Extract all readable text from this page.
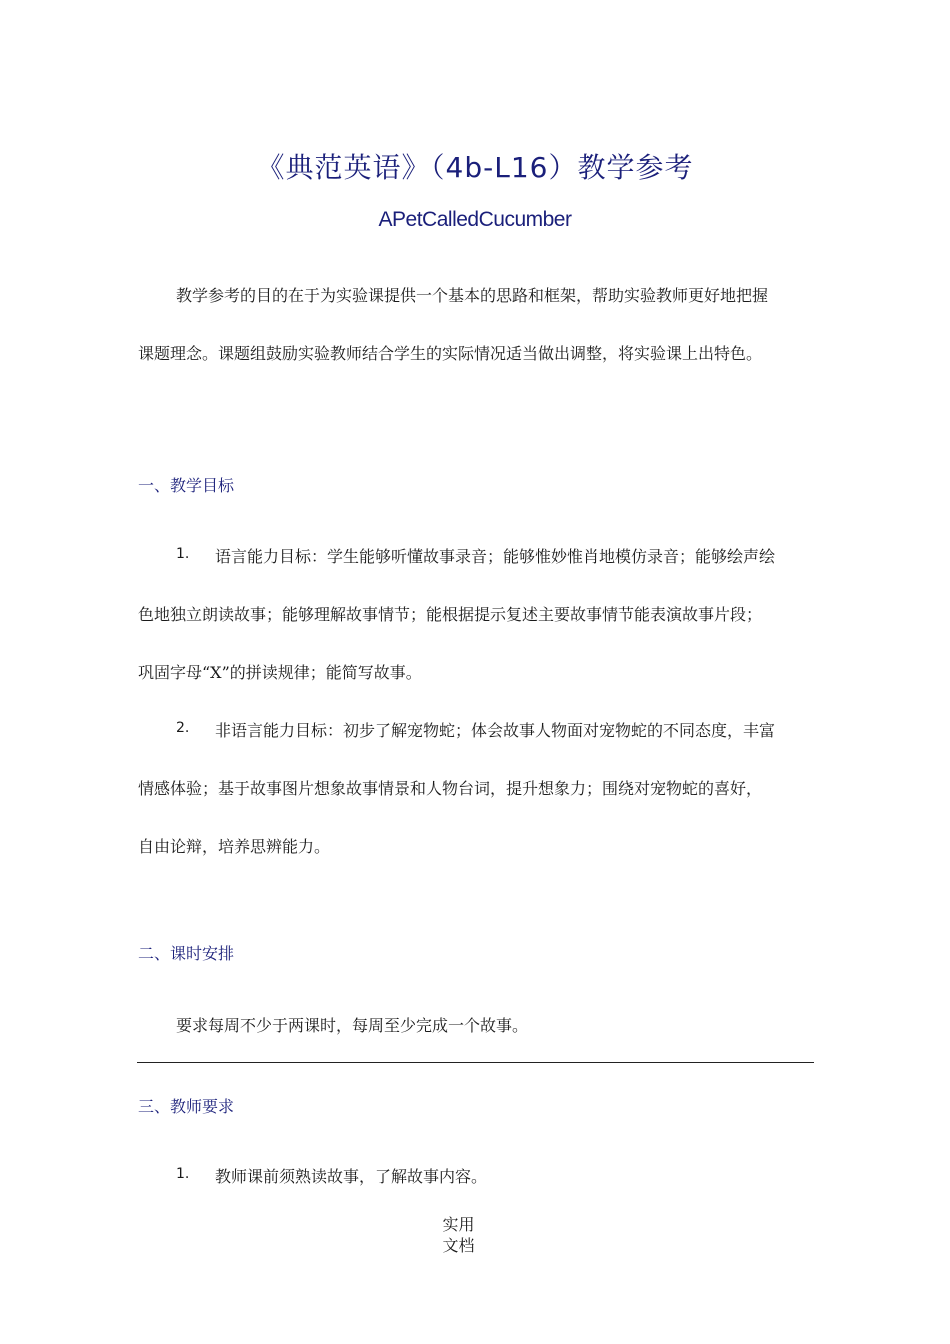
《典范英语》（4b-L16）教学参考
APetCalledCucumber
教学参考的目的在于为实验课提供一个基本的思路和框架，帮助实验教师更好地把握
课题理念。课题组鼓励实验教师结合学生的实际情况适当做出调整，将实验课上出特色。
一、教学目标
1. 语言能力目标：学生能够听懂故事录音；能够惟妙惟肖地模仿录音；能够绘声绘
色地独立朗读故事；能够理解故事情节；能根据提示复述主要故事情节能表演故事片段；
巩固字母“X”的拼读规律；能简写故事。
2. 非语言能力目标：初步了解宠物蛇；体会故事人物面对宠物蛇的不同态度，丰富
情感体验；基于故事图片想象故事情景和人物台词，提升想象力；围绕对宠物蛇的喜好，
自由论辩，培养思辨能力。
二、课时安排
要求每周不少于两课时，每周至少完成一个故事。
三、教师要求
1. 教师课前须熟读故事，了解故事内容。
实用
文档
